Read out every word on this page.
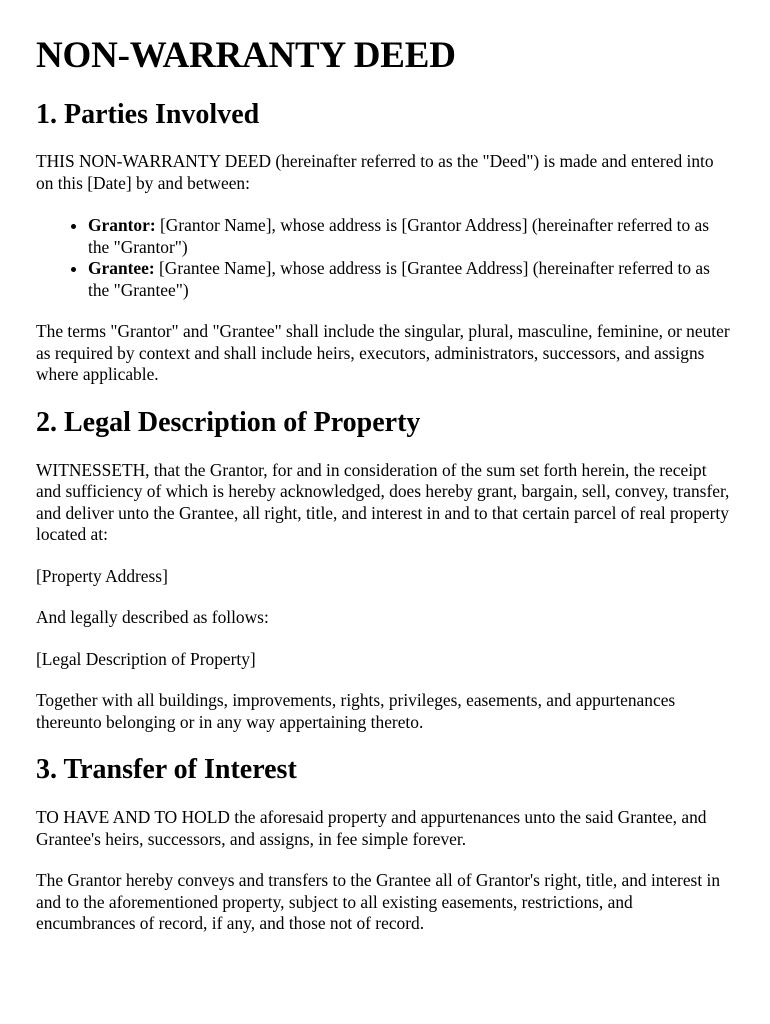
NON-WARRANTY DEED
1. Parties Involved

THIS NON-WARRANTY DEED (hereinafter referred to as the "Deed") is made and entered into on this [Date] by and between:

• Grantor: [Grantor Name], whose address is [Grantor Address] (hereinafter referred to as the "Grantor")
• Grantee: [Grantee Name], whose address is [Grantee Address] (hereinafter referred to as the "Grantee")

The terms "Grantor" and "Grantee" shall include the singular, plural, masculine, feminine, or neuter as required by context and shall include heirs, executors, administrators, successors, and assigns where applicable.

2. Legal Description of Property

WITNESSETH, that the Grantor, for and in consideration of the sum set forth herein, the receipt and sufficiency of which is hereby acknowledged, does hereby grant, bargain, sell, convey, transfer, and deliver unto the Grantee, all right, title, and interest in and to that certain parcel of real property located at:

[Property Address]

And legally described as follows:

[Legal Description of Property]

Together with all buildings, improvements, rights, privileges, easements, and appurtenances thereunto belonging or in any way appertaining thereto.

3. Transfer of Interest

TO HAVE AND TO HOLD the aforesaid property and appurtenances unto the said Grantee, and Grantee's heirs, successors, and assigns, in fee simple forever.

The Grantor hereby conveys and transfers to the Grantee all of Grantor's right, title, and interest in and to the aforementioned property, subject to all existing easements, restrictions, and encumbrances of record, if any, and those not of record.
